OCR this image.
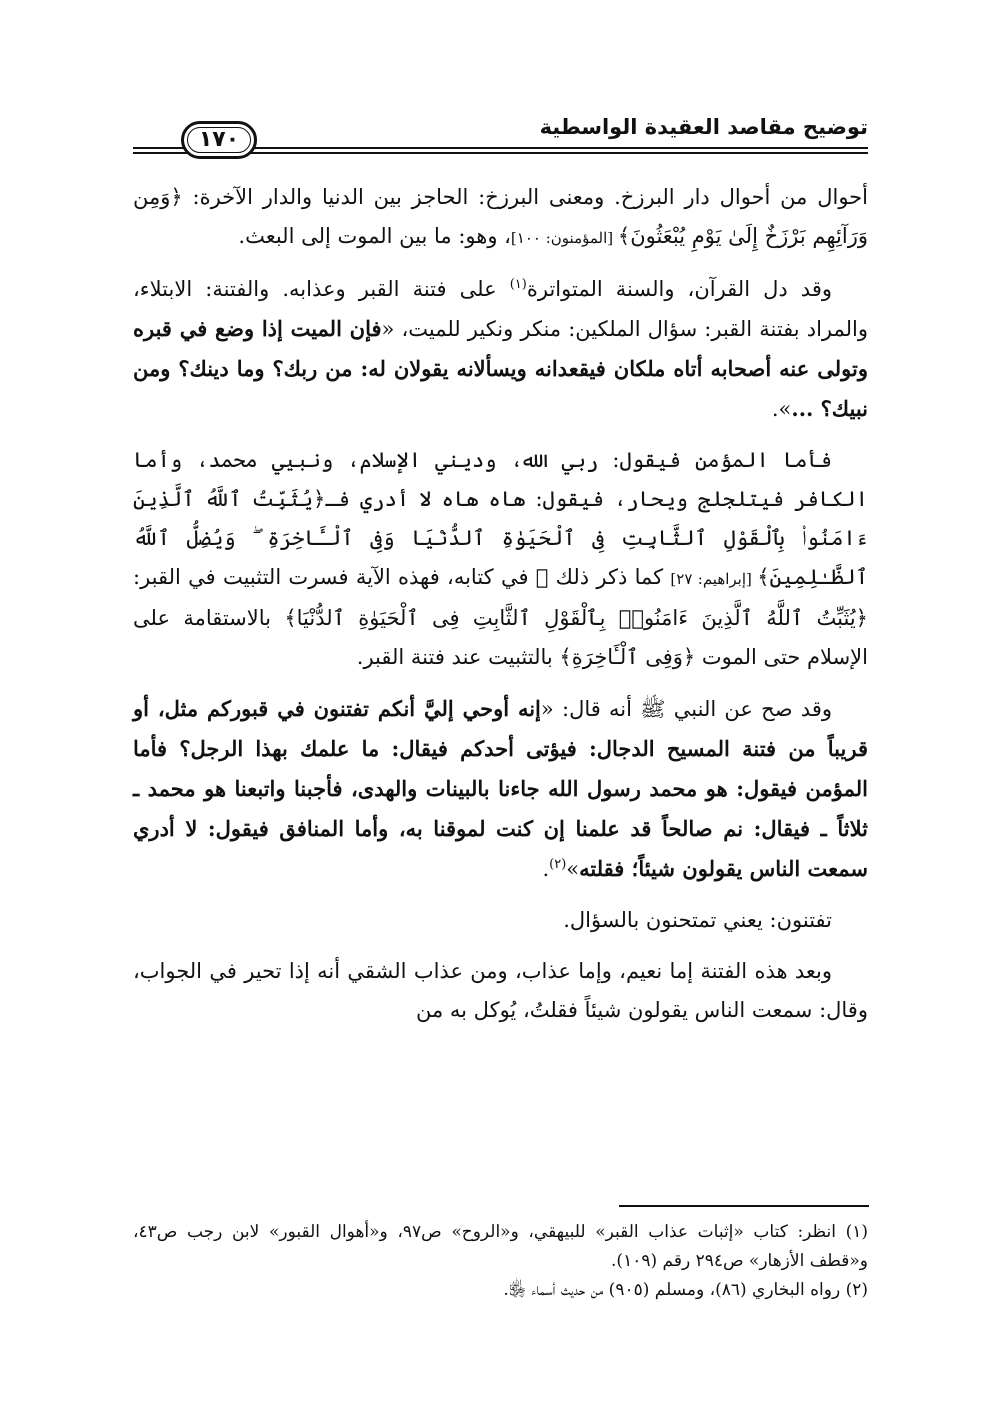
توضيح مقاصد العقيدة الواسطية
١٧٠

أحوال من أحوال دار البرزخ. ومعنى البرزخ: الحاجز بين الدنيا والدار الآخرة: ﴿وَمِن وَرَآئِهِم بَرْزَخٌ إِلَىٰ يَوْمِ يُبْعَثُونَ﴾ [المؤمنون: ١٠٠]، وهو: ما بين الموت إلى البعث.

وقد دل القرآن، والسنة المتواترة$^{(١)}$ على فتنة القبر وعذابه. والفتنة: الابتلاء، والمراد بفتنة القبر: سؤال الملكين: منكر ونكير للميت، «فإن الميت إذا وضع في قبره وتولى عنه أصحابه أتاه ملكان فيقعدانه ويسألانه يقولان له: من ربك؟ وما دينك؟ ومن نبيك؟ ...».

فأما المؤمن فيقول: ربي الله، وديني الإسلام، ونبيي محمد، وأما الكافر فيتلجلج ويحار، فيقول: هاه هاه لا أدري فـ﴿يُثَبِّتُ ٱللَّهُ ٱلَّذِينَ ءَامَنُوا۟ بِٱلْقَوْلِ ٱلثَّابِتِ فِى ٱلْحَيَوٰةِ ٱلدُّنْيَا وَفِى ٱلْـَٔاخِرَةِ ۖ وَيُضِلُّ ٱللَّهُ ٱلظَّـٰلِمِينَ﴾ [إبراهيم: ٢٧] كما ذكر ذلك ﷻ في كتابه، فهذه الآية فسرت التثبيت في القبر: ﴿يُثَبِّتُ ٱللَّهُ ٱلَّذِينَ ءَامَنُوا۟ بِٱلْقَوْلِ ٱلثَّابِتِ فِى ٱلْحَيَوٰةِ ٱلدُّنْيَا﴾ بالاستقامة على الإسلام حتى الموت ﴿وَفِى ٱلْـَٔاخِرَةِ﴾ بالتثبيت عند فتنة القبر.

وقد صح عن النبي ﷺ أنه قال: «إنه أوحي إليَّ أنكم تفتنون في قبوركم مثل، أو قريباً من فتنة المسيح الدجال: فيؤتى أحدكم فيقال: ما علمك بهذا الرجل؟ فأما المؤمن فيقول: هو محمد رسول الله جاءنا بالبينات والهدى، فأجبنا واتبعنا هو محمد ـ ثلاثاً ـ فيقال: نم صالحاً قد علمنا إن كنت لموقنا به، وأما المنافق فيقول: لا أدري سمعت الناس يقولون شيئاً؛ فقلته»$^{(٢)}$.

تفتنون: يعني تمتحنون بالسؤال.

وبعد هذه الفتنة إما نعيم، وإما عذاب، ومن عذاب الشقي أنه إذا تحير في الجواب، وقال: سمعت الناس يقولون شيئاً فقلتُ، يُوكل به من

(١) انظر: كتاب «إثبات عذاب القبر» للبيهقي، و«الروح» ص٩٧، و«أهوال القبور» لابن رجب ص٤٣، و«قطف الأزهار» ص٢٩٤ رقم (١٠٩).

(٢) رواه البخاري (٨٦)، ومسلم (٩٠٥) من حديث أسماء ﵂.
